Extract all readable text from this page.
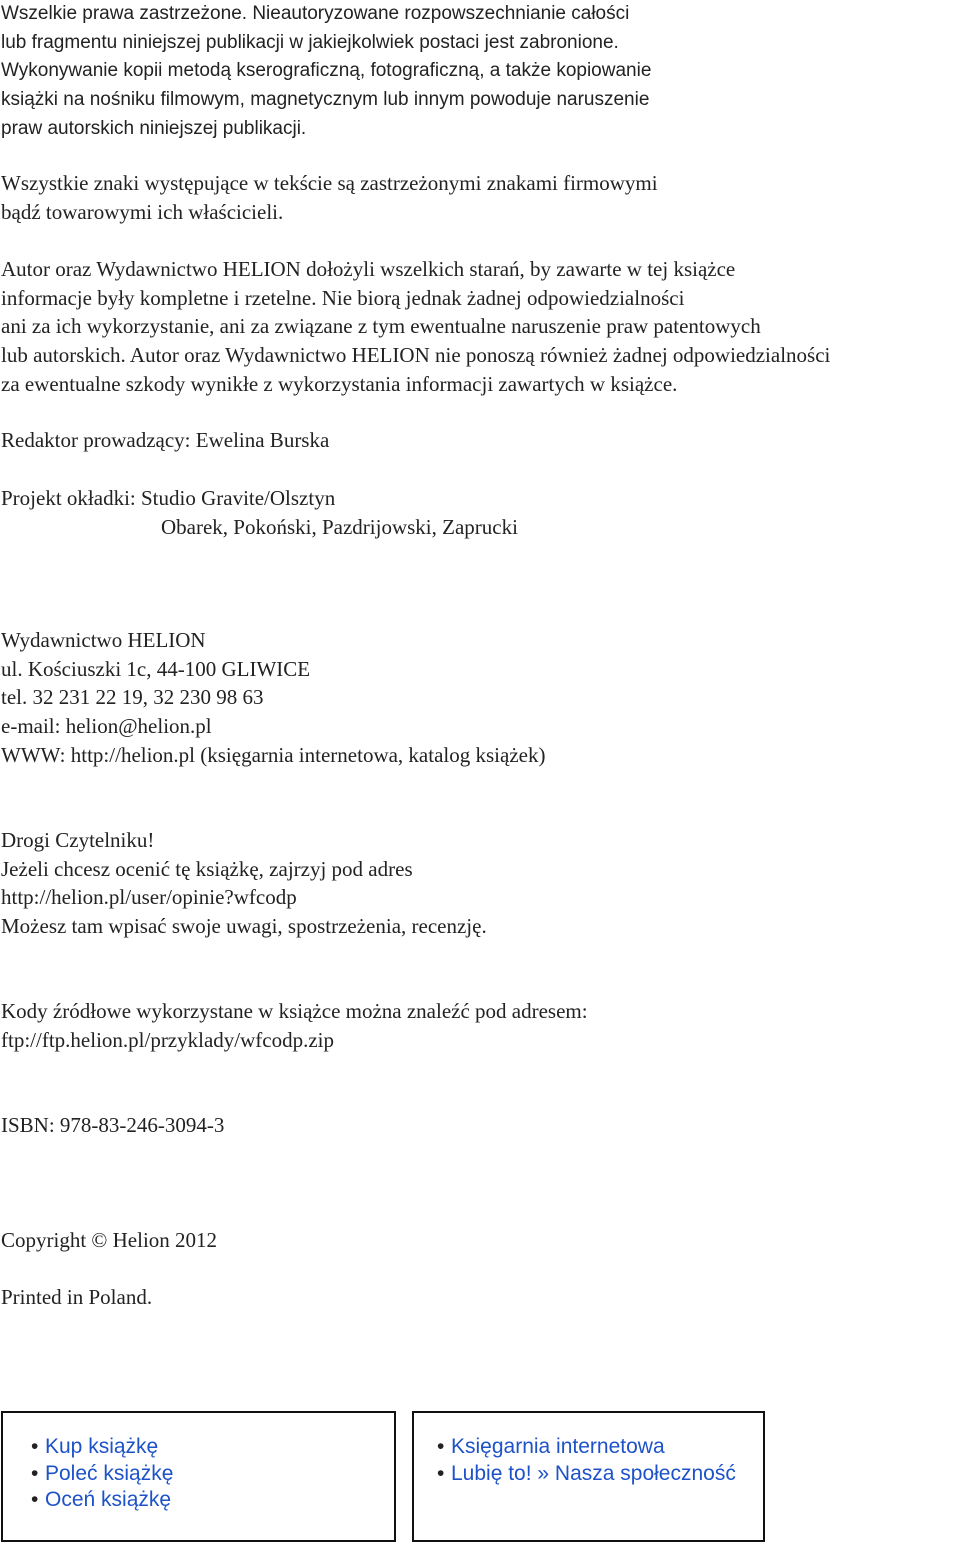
Wszelkie prawa zastrzeżone. Nieautoryzowane rozpowszechnianie całości
lub fragmentu niniejszej publikacji w jakiejkolwiek postaci jest zabronione.
Wykonywanie kopii metodą kserograficzną, fotograficzną, a także kopiowanie
książki na nośniku filmowym, magnetycznym lub innym powoduje naruszenie
praw autorskich niniejszej publikacji.
Wszystkie znaki występujące w tekście są zastrzeżonymi znakami firmowymi
bądź towarowymi ich właścicieli.
Autor oraz Wydawnictwo HELION dołożyli wszelkich starań, by zawarte w tej książce
informacje były kompletne i rzetelne. Nie biorą jednak żadnej odpowiedzialności
ani za ich wykorzystanie, ani za związane z tym ewentualne naruszenie praw patentowych
lub autorskich. Autor oraz Wydawnictwo HELION nie ponoszą również żadnej odpowiedzialności
za ewentualne szkody wynikłe z wykorzystania informacji zawartych w książce.
Redaktor prowadzący: Ewelina Burska
Projekt okładki: Studio Gravite/Olsztyn
Obarek, Pokoński, Pazdrijowski, Zaprucki
Wydawnictwo HELION
ul. Kościuszki 1c, 44-100 GLIWICE
tel. 32 231 22 19, 32 230 98 63
e-mail: helion@helion.pl
WWW: http://helion.pl (księgarnia internetowa, katalog książek)
Drogi Czytelniku!
Jeżeli chcesz ocenić tę książkę, zajrzyj pod adres
http://helion.pl/user/opinie?wfcodp
Możesz tam wpisać swoje uwagi, spostrzeżenia, recenzję.
Kody źródłowe wykorzystane w książce można znaleźć pod adresem:
ftp://ftp.helion.pl/przyklady/wfcodp.zip
ISBN: 978-83-246-3094-3
Copyright © Helion 2012
Printed in Poland.
• Kup książkę
• Poleć książkę
• Oceń książkę
• Księgarnia internetowa
• Lubię to! » Nasza społeczność
